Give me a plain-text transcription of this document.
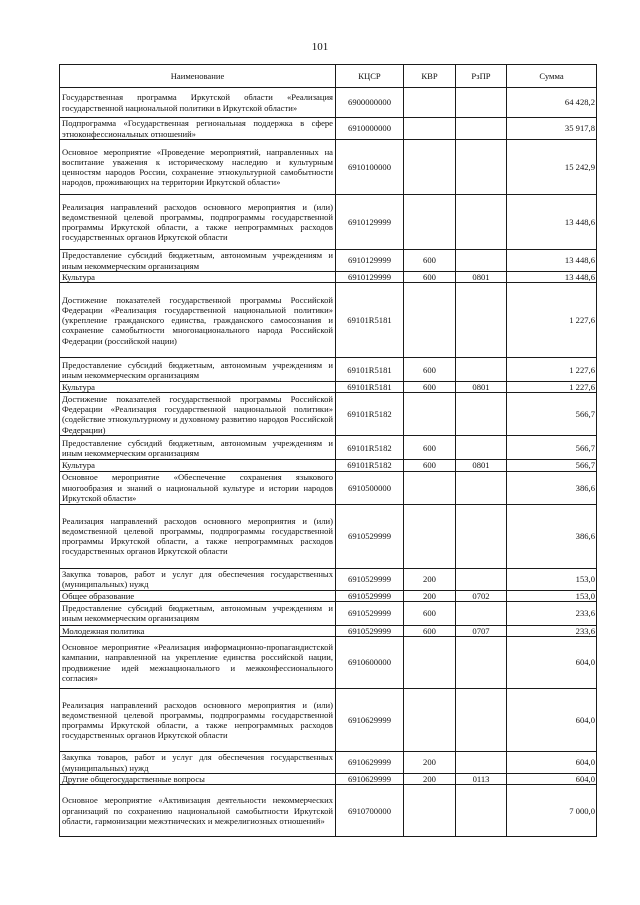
101
Наименование	КЦСР	КВР	РзПР	Сумма
Государственная программа Иркутской области «Реализация государственной национальной политики в Иркутской области»	6900000000			64 428,2
Подпрограмма «Государственная региональная поддержка в сфере этноконфессиональных отношений»	6910000000			35 917,8
Основное мероприятие «Проведение мероприятий, направленных на воспитание уважения к историческому наследию и культурным ценностям народов России, сохранение этнокультурной самобытности народов, проживающих на территории Иркутской области»	6910100000			15 242,9
Реализация направлений расходов основного мероприятия и (или) ведомственной целевой программы, подпрограммы государственной программы Иркутской области, а также непрограммных расходов государственных органов Иркутской области	6910129999			13 448,6
Предоставление субсидий бюджетным, автономным учреждениям и иным некоммерческим организациям	6910129999	600		13 448,6
Культура	6910129999	600	0801	13 448,6
Достижение показателей государственной программы Российской Федерации «Реализация государственной национальной политики» (укрепление гражданского единства, гражданского самосознания и сохранение самобытности многонациональн​ого народа Российской Федерации (российской нации)	69101R5181			1 227,6
Предоставление субсидий бюджетным, автономным учреждениям и иным некоммерческим организациям	69101R5181	600		1 227,6
Культура	69101R5181	600	0801	1 227,6
Достижение показателей государственной программы Российской Федерации «Реализация государственной национальной политики» (содействие этнокультурному и духовному развитию народов Российской Федерации)	69101R5182			566,7
Предоставление субсидий бюджетным, автономным учреждениям и иным некоммерческим организациям	69101R5182	600		566,7
Культура	69101R5182	600	0801	566,7
Основное мероприятие «Обеспечение сохранения языкового многообразия и знаний о национальной культуре и истории народов Иркутской области»	6910500000			386,6
Реализация направлений расходов основного мероприятия и (или) ведомственной целевой программы, подпрограммы государственной программы Иркутской области, а также непрограммных расходов государственных органов Иркутской области	6910529999			386,6
Закупка товаров, работ и услуг для обеспечения государственных (муниципальных) нужд	6910529999	200		153,0
Общее образование	6910529999	200	0702	153,0
Предоставление субсидий бюджетным, автономным учреждениям и иным некоммерческим организациям	6910529999	600		233,6
Молодежная политика	6910529999	600	0707	233,6
Основное мероприятие «Реализация информационно-пропагандистской кампании, направленной на укрепление единства российской нации, продвижение идей межнационального и межконфессионального согласия»	6910600000			604,0
Реализация направлений расходов основного мероприятия и (или) ведомственной целевой программы, подпрограммы государственной программы Иркутской области, а также непрограммных расходов государственных органов Иркутской области	6910629999			604,0
Закупка товаров, работ и услуг для обеспечения государственных (муниципальных) нужд	6910629999	200		604,0
Другие общегосударственные вопросы	6910629999	200	0113	604,0
Основное мероприятие «Активизация деятельности некоммерческих организаций по сохранению национальной самобытности Иркутской области, гармонизации межэтнических и межрелигиозных отношений»	6910700000			7 000,0
